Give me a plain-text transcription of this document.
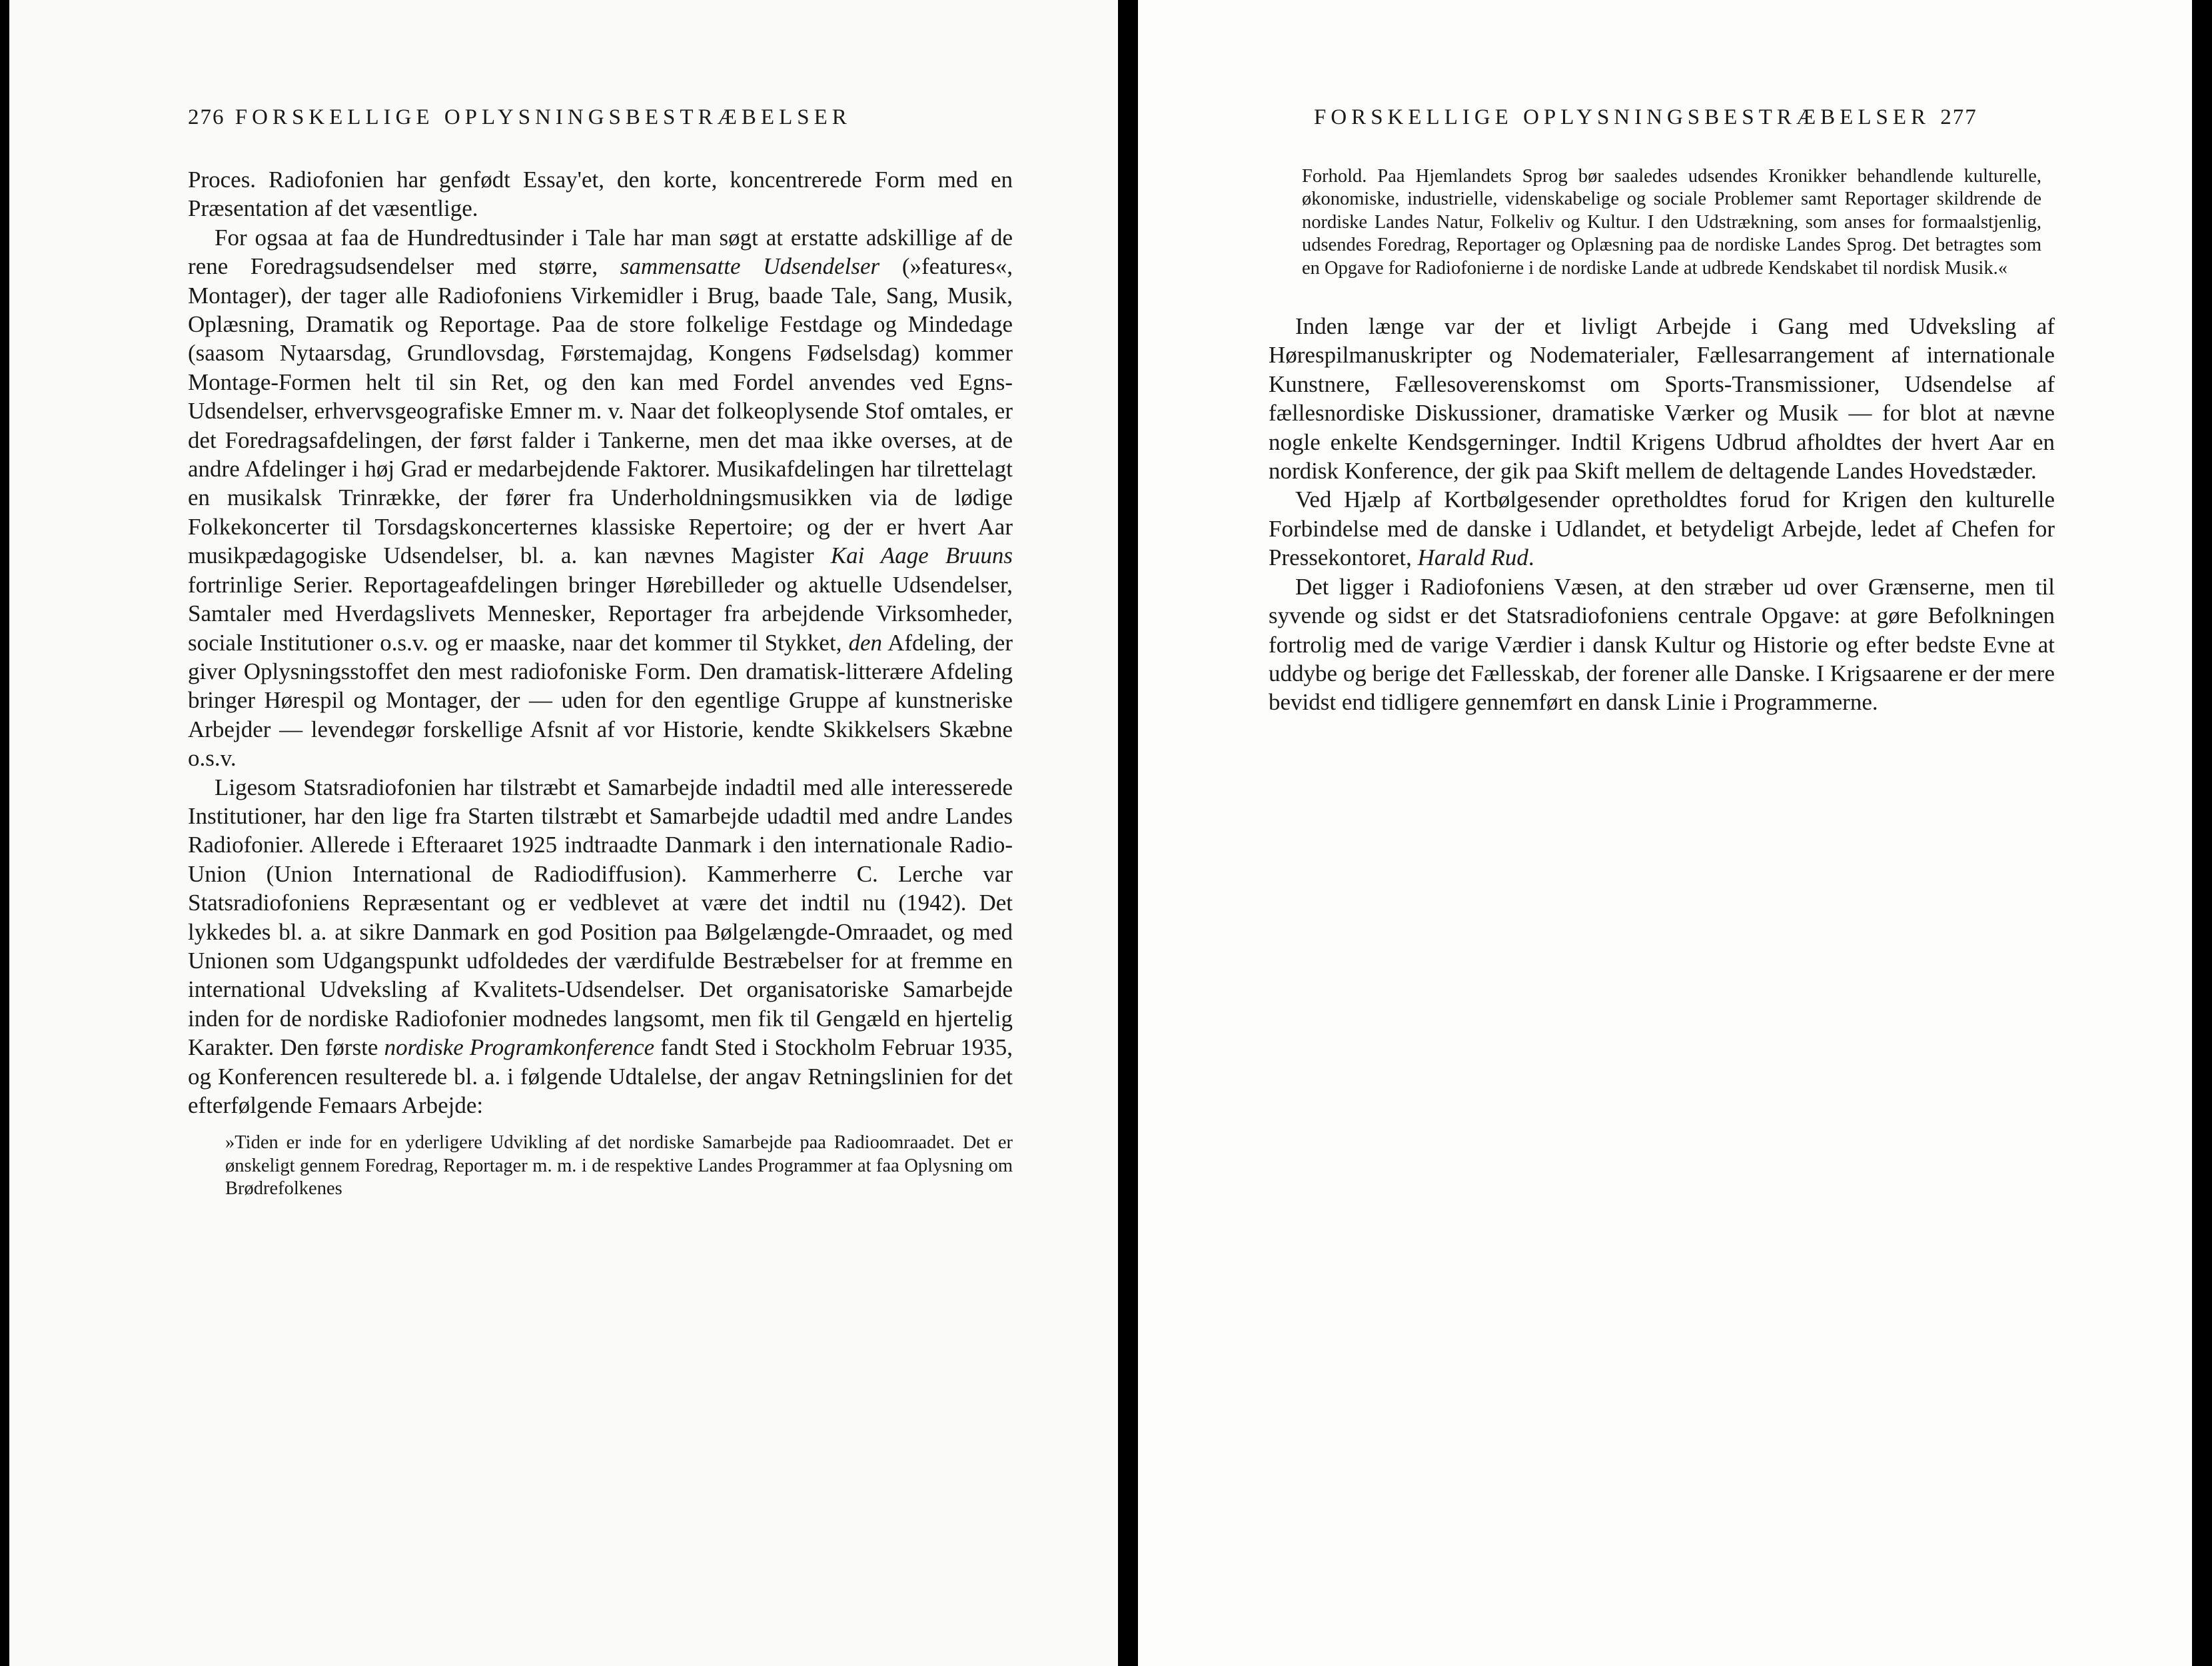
276 FORSKELLIGE OPLYSNINGSBESTRÆBELSER

Proces. Radiofonien har genfødt Essay'et, den korte, koncentrerede Form med en Præsentation af det væsentlige.

For ogsaa at faa de Hundredtusinder i Tale har man søgt at erstatte adskillige af de rene Foredragsudsendelser med større, sammensatte Udsendelser (»features«, Montager), der tager alle Radiofoniens Virkemidler i Brug, baade Tale, Sang, Musik, Oplæsning, Dramatik og Reportage. Paa de store folkelige Festdage og Mindedage (saasom Nytaarsdag, Grundlovsdag, Førstemajdag, Kongens Fødselsdag) kommer Montage-Formen helt til sin Ret, og den kan med Fordel anvendes ved Egns-Udsendelser, erhvervsgeografiske Emner m. v. Naar det folkeoplysende Stof omtales, er det Foredragsafdelingen, der først falder i Tankerne, men det maa ikke overses, at de andre Afdelinger i høj Grad er medarbejdende Faktorer. Musikafdelingen har tilrettelagt en musikalsk Trinrække, der fører fra Underholdningsmusikken via de lødige Folkekoncerter til Torsdagskoncerternes klassiske Repertoire; og der er hvert Aar musikpædagogiske Udsendelser, bl. a. kan nævnes Magister Kai Aage Bruuns fortrinlige Serier. Reportageafdelingen bringer Hørebilleder og aktuelle Udsendelser, Samtaler med Hverdagslivets Mennesker, Reportager fra arbejdende Virksomheder, sociale Institutioner o.s.v. og er maaske, naar det kommer til Stykket, den Afdeling, der giver Oplysningsstoffet den mest radiofoniske Form. Den dramatisk-litterære Afdeling bringer Hørespil og Montager, der — uden for den egentlige Gruppe af kunstneriske Arbejder — levendegør forskellige Afsnit af vor Historie, kendte Skikkelsers Skæbne o.s.v.

Ligesom Statsradiofonien har tilstræbt et Samarbejde indadtil med alle interesserede Institutioner, har den lige fra Starten tilstræbt et Samarbejde udadtil med andre Landes Radiofonier. Allerede i Efteraaret 1925 indtraadte Danmark i den internationale Radio-Union (Union International de Radiodiffusion). Kammerherre C. Lerche var Statsradiofoniens Repræsentant og er vedblevet at være det indtil nu (1942). Det lykkedes bl. a. at sikre Danmark en god Position paa Bølgelængde-Omraadet, og med Unionen som Udgangspunkt udfoldedes der værdifulde Bestræbelser for at fremme en international Udveksling af Kvalitets-Udsendelser. Det organisatoriske Samarbejde inden for de nordiske Radiofonier modnedes langsomt, men fik til Gengæld en hjertelig Karakter. Den første nordiske Programkonference fandt Sted i Stockholm Februar 1935, og Konferencen resulterede bl. a. i følgende Udtalelse, der angav Retningslinien for det efterfølgende Femaars Arbejde:

»Tiden er inde for en yderligere Udvikling af det nordiske Samarbejde paa Radioomraadet. Det er ønskeligt gennem Foredrag, Reportager m. m. i de respektive Landes Programmer at faa Oplysning om Brødrefolkenes

FORSKELLIGE OPLYSNINGSBESTRÆBELSER 277

Forhold. Paa Hjemlandets Sprog bør saaledes udsendes Kronikker behandlende kulturelle, økonomiske, industrielle, videnskabelige og sociale Problemer samt Reportager skildrende de nordiske Landes Natur, Folkeliv og Kultur. I den Udstrækning, som anses for formaalstjenlig, udsendes Foredrag, Reportager og Oplæsning paa de nordiske Landes Sprog. Det betragtes som en Opgave for Radiofonierne i de nordiske Lande at udbrede Kendskabet til nordisk Musik.«

Inden længe var der et livligt Arbejde i Gang med Udveksling af Hørespilmanuskripter og Nodematerialer, Fællesarrangement af internationale Kunstnere, Fællesoverenskomst om Sports-Transmissioner, Udsendelse af fællesnordiske Diskussioner, dramatiske Værker og Musik — for blot at nævne nogle enkelte Kendsgerninger. Indtil Krigens Udbrud afholdtes der hvert Aar en nordisk Konference, der gik paa Skift mellem de deltagende Landes Hovedstæder.

Ved Hjælp af Kortbølgesender opretholdtes forud for Krigen den kulturelle Forbindelse med de danske i Udlandet, et betydeligt Arbejde, ledet af Chefen for Pressekontoret, Harald Rud.

Det ligger i Radiofoniens Væsen, at den stræber ud over Grænserne, men til syvende og sidst er det Statsradiofoniens centrale Opgave: at gøre Befolkningen fortrolig med de varige Værdier i dansk Kultur og Historie og efter bedste Evne at uddybe og berige det Fællesskab, der forener alle Danske. I Krigsaarene er der mere bevidst end tidligere gennemført en dansk Linie i Programmerne.
